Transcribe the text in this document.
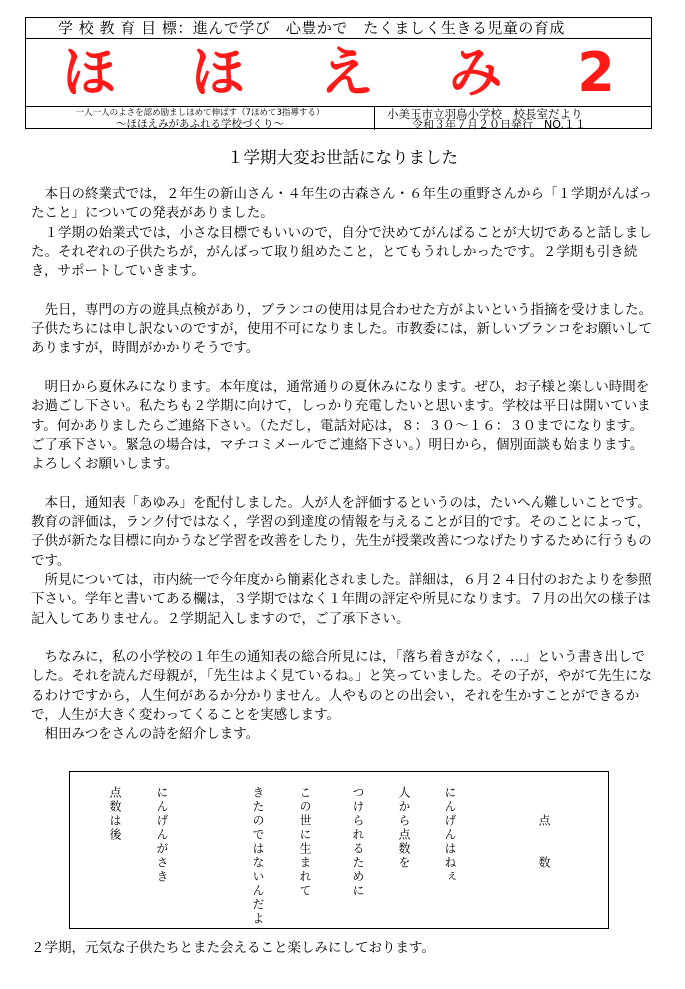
学 校 教 育 目 標：進んで学び　心豊かで　たくましく生きる児童の育成
ほ ほ え み 2
一人一人のよさを認め励ましほめて伸ばす（7ほめて3指導する）
～ほほえみがあふれる学校づくり～
小美玉市立羽鳥小学校　校長室だより
令和３年７月２０日発行　NO.１１
１学期大変お世話になりました

本日の終業式では，２年生の新山さん・４年生の古森さん・６年生の重野さんから「１学期がんばったこと」についての発表がありました。

１学期の始業式では，小さな目標でもいいので，自分で決めてがんばることが大切であると話しました。それぞれの子供たちが，がんばって取り組めたこと，とてもうれしかったです。２学期も引き続き，サポートしていきます。

先日，専門の方の遊具点検があり，ブランコの使用は見合わせた方がよいという指摘を受けました。子供たちには申し訳ないのですが，使用不可になりました。市教委には，新しいブランコをお願いしてありますが，時間がかかりそうです。

明日から夏休みになります。本年度は，通常通りの夏休みになります。ぜひ，お子様と楽しい時間をお過ごし下さい。私たちも２学期に向けて，しっかり充電したいと思います。学校は平日は開いています。何かありましたらご連絡下さい。（ただし，電話対応は，８：３０～１６：３０までになります。ご了承下さい。緊急の場合は，マチコミメールでご連絡下さい。）明日から，個別面談も始まります。よろしくお願いします。

本日，通知表「あゆみ」を配付しました。人が人を評価するというのは，たいへん難しいことです。教育の評価は，ランク付ではなく，学習の到達度の情報を与えることが目的です。そのことによって，子供が新たな目標に向かうなど学習を改善をしたり，先生が授業改善につなげたりするために行うものです。

所見については，市内統一で今年度から簡素化されました。詳細は，６月２４日付のおたよりを参照下さい。学年と書いてある欄は，３学期ではなく１年間の評定や所見になります。７月の出欠の様子は記入してありません。２学期記入しますので，ご了承下さい。

ちなみに，私の小学校の１年生の通知表の総合所見には，「落ち着きがなく，…」という書き出しでした。それを読んだ母親が，「先生はよく見ているね。」と笑っていました。その子が，やがて先生になるわけですから，人生何があるか分かりません。人やものとの出会い，それを生かすことができるかで，人生が大きく変わってくることを実感します。

相田みつをさんの詩を紹介します。

点　数
にんげんはねぇ
人から点数を
つけられるために
この世に生まれて
きたのではないんだよ
にんげんがさき
点数は後
２学期，元気な子供たちとまた会えること楽しみにしております。
